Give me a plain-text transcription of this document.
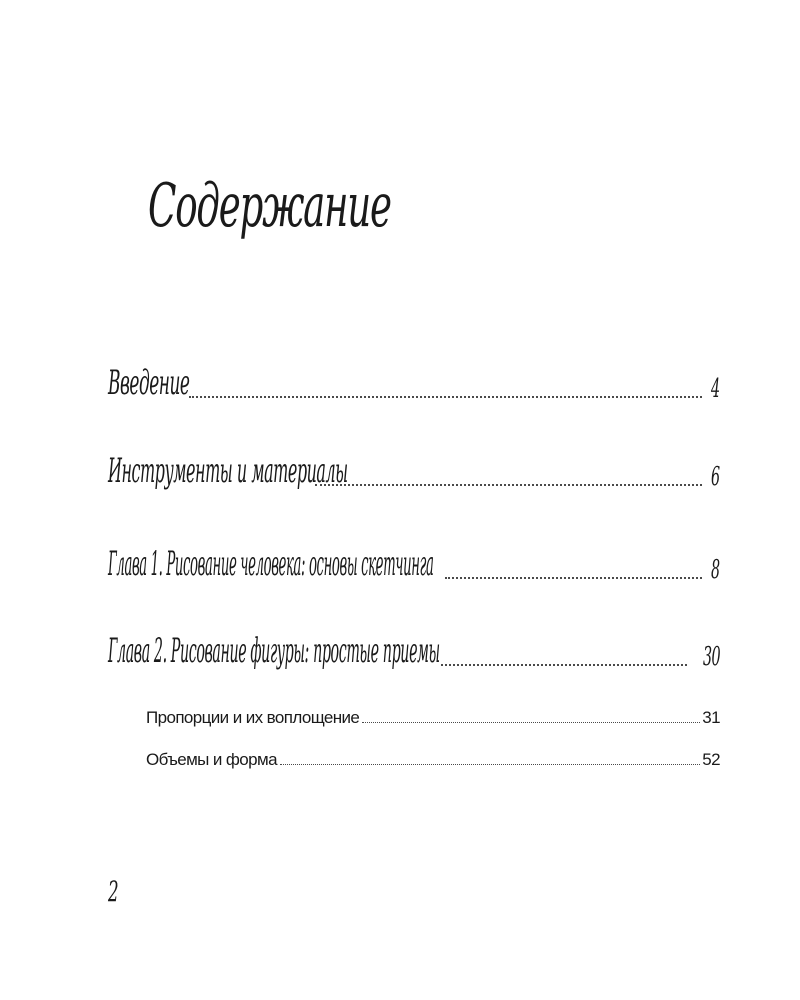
Содержание
Введение	4
Инструменты и материалы	6
Глава 1. Рисование человека: основы скетчинга	8
Глава 2. Рисование фигуры: простые приемы	30
Пропорции и их воплощение	31
Объемы и форма	52
2
